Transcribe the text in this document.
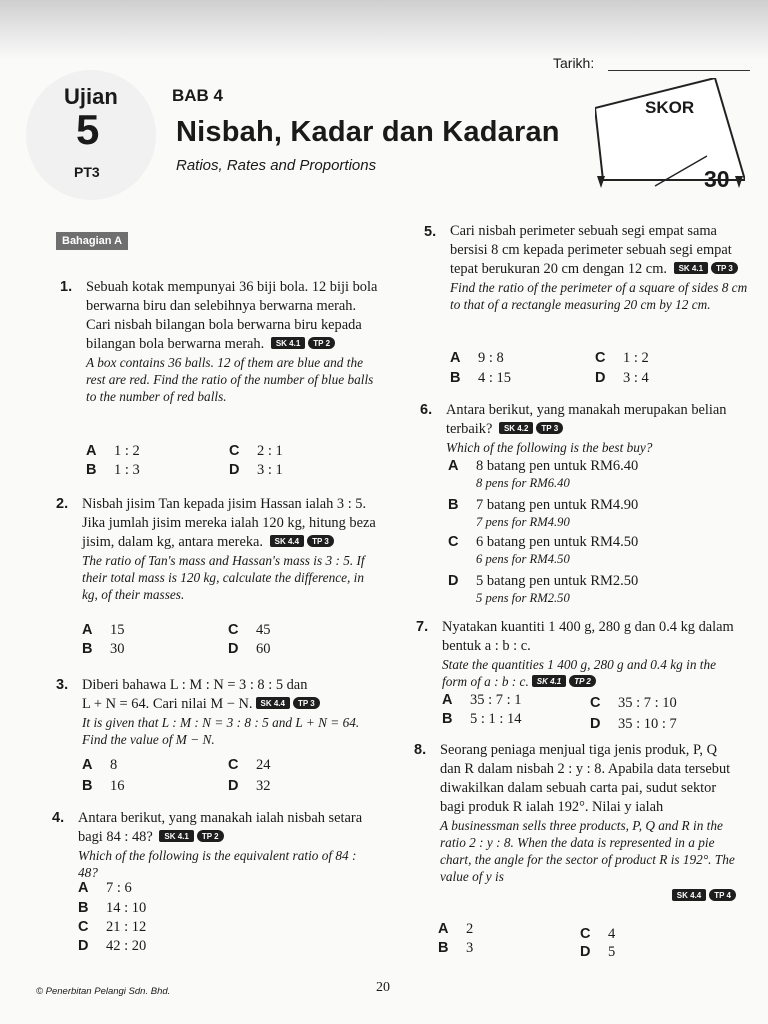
Tarikh:
Ujian
5
PT3
BAB 4
Nisbah, Kadar dan Kadaran
Ratios, Rates and Proportions
SKOR
30
Bahagian A
1. Sebuah kotak mempunyai 36 biji bola. 12 biji bola berwarna biru dan selebihnya berwarna merah. Cari nisbah bilangan bola berwarna biru kepada bilangan bola berwarna merah. SK 4.1 TP 2
A box contains 36 balls. 12 of them are blue and the rest are red. Find the ratio of the number of blue balls to the number of red balls.
A 1 : 2	C 2 : 1
B 1 : 3	D 3 : 1
2. Nisbah jisim Tan kepada jisim Hassan ialah 3 : 5. Jika jumlah jisim mereka ialah 120 kg, hitung beza jisim, dalam kg, antara mereka. SK 4.4 TP 3
The ratio of Tan's mass and Hassan's mass is 3 : 5. If their total mass is 120 kg, calculate the difference, in kg, of their masses.
A 15	C 45
B 30	D 60
3. Diberi bahawa L : M : N = 3 : 8 : 5 dan
L + N = 64. Cari nilai M − N. SK 4.4 TP 3
It is given that L : M : N = 3 : 8 : 5 and L + N = 64.
Find the value of M − N.
A 8	C 24
B 16	D 32
4. Antara berikut, yang manakah ialah nisbah setara bagi 84 : 48? SK 4.1 TP 2
Which of the following is the equivalent ratio of 84 : 48?
A 7 : 6
B 14 : 10
C 21 : 12
D 42 : 20
5. Cari nisbah perimeter sebuah segi empat sama bersisi 8 cm kepada perimeter sebuah segi empat tepat berukuran 20 cm dengan 12 cm. SK 4.1 TP 3
Find the ratio of the perimeter of a square of sides 8 cm to that of a rectangle measuring 20 cm by 12 cm.
A 9 : 8	C 1 : 2
B 4 : 15	D 3 : 4
6. Antara berikut, yang manakah merupakan belian terbaik? SK 4.2 TP 3
Which of the following is the best buy?
A 8 batang pen untuk RM6.40
8 pens for RM6.40
B 7 batang pen untuk RM4.90
7 pens for RM4.90
C 6 batang pen untuk RM4.50
6 pens for RM4.50
D 5 batang pen untuk RM2.50
5 pens for RM2.50
7. Nyatakan kuantiti 1 400 g, 280 g dan 0.4 kg dalam bentuk a : b : c.
State the quantities 1 400 g, 280 g and 0.4 kg in the form of a : b : c. SK 4.1 TP 2
A 35 : 7 : 1	C 35 : 7 : 10
B 5 : 1 : 14	D 35 : 10 : 7
8. Seorang peniaga menjual tiga jenis produk, P, Q dan R dalam nisbah 2 : y : 8. Apabila data tersebut diwakilkan dalam sebuah carta pai, sudut sektor bagi produk R ialah 192°. Nilai y ialah
A businessman sells three products, P, Q and R in the ratio 2 : y : 8. When the data is represented in a pie chart, the angle for the sector of product R is 192°. The value of y is
SK 4.4 TP 4
A 2	C 4
B 3	D 5
© Penerbitan Pelangi Sdn. Bhd.	20
